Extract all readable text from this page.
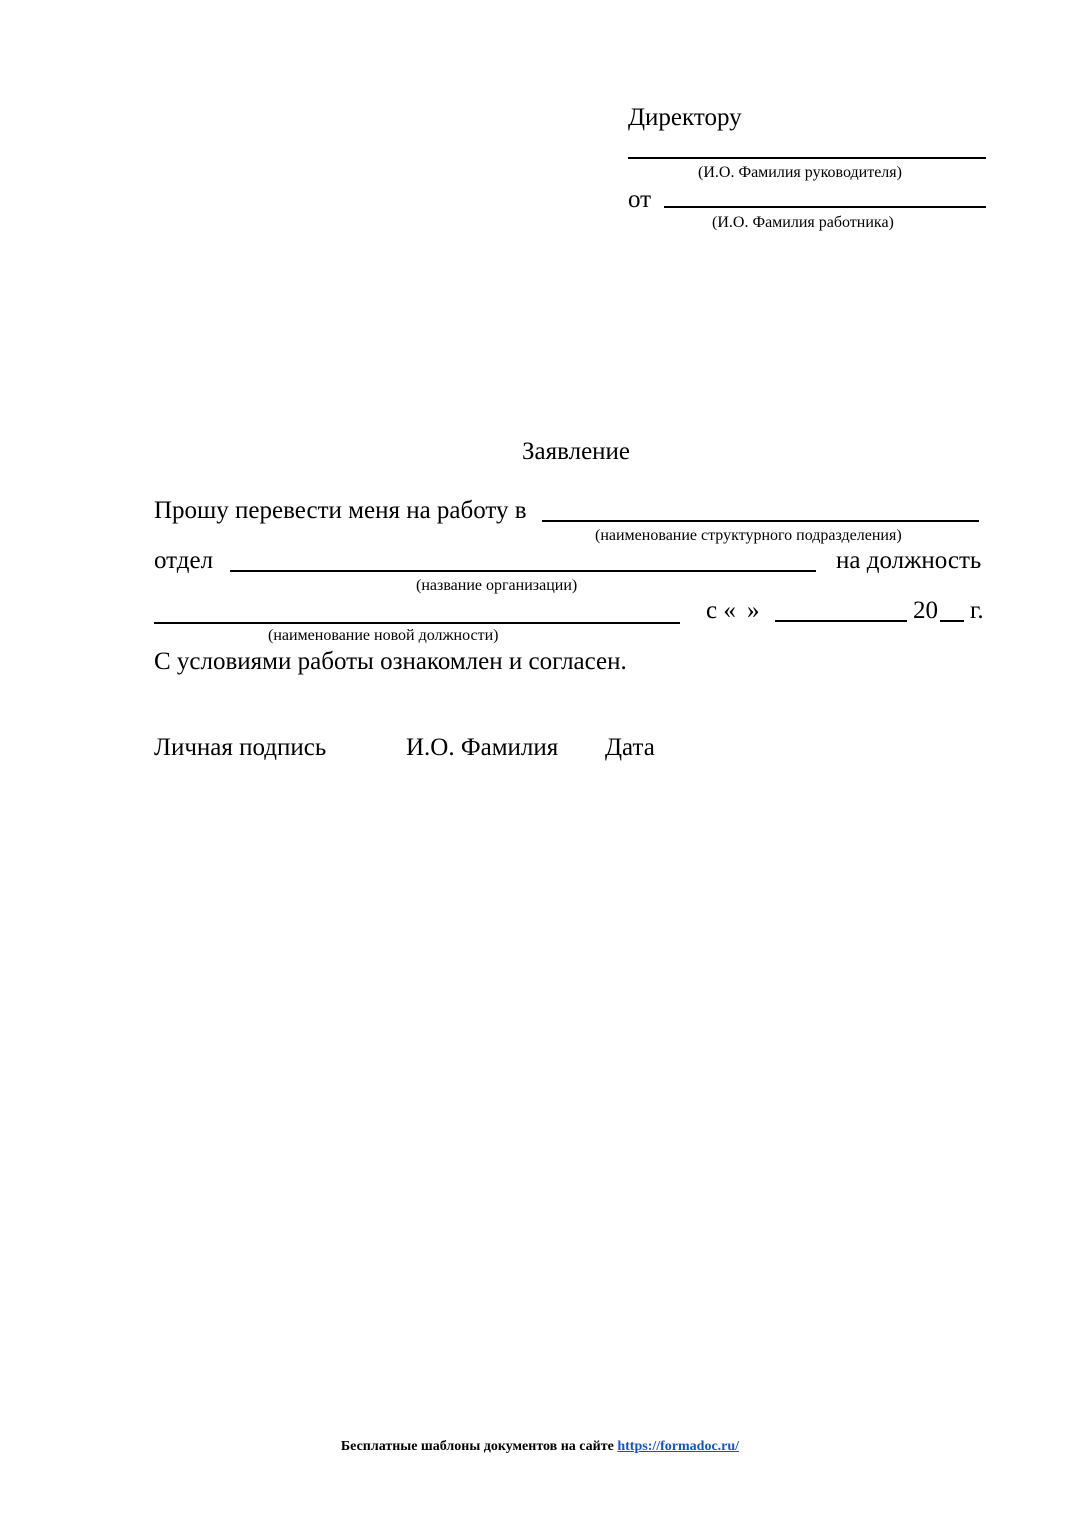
Директору
(И.О. Фамилия руководителя)
от
(И.О. Фамилия работника)
Заявление
Прошу перевести меня на работу в
(наименование структурного подразделения)
отдел	на должность
(название организации)
с « »	20 г.
(наименование новой должности)
С условиями работы ознакомлен и согласен.
Личная подпись	И.О. Фамилия Дата
Бесплатные шаблоны документов на сайте https://formadoc.ru/
